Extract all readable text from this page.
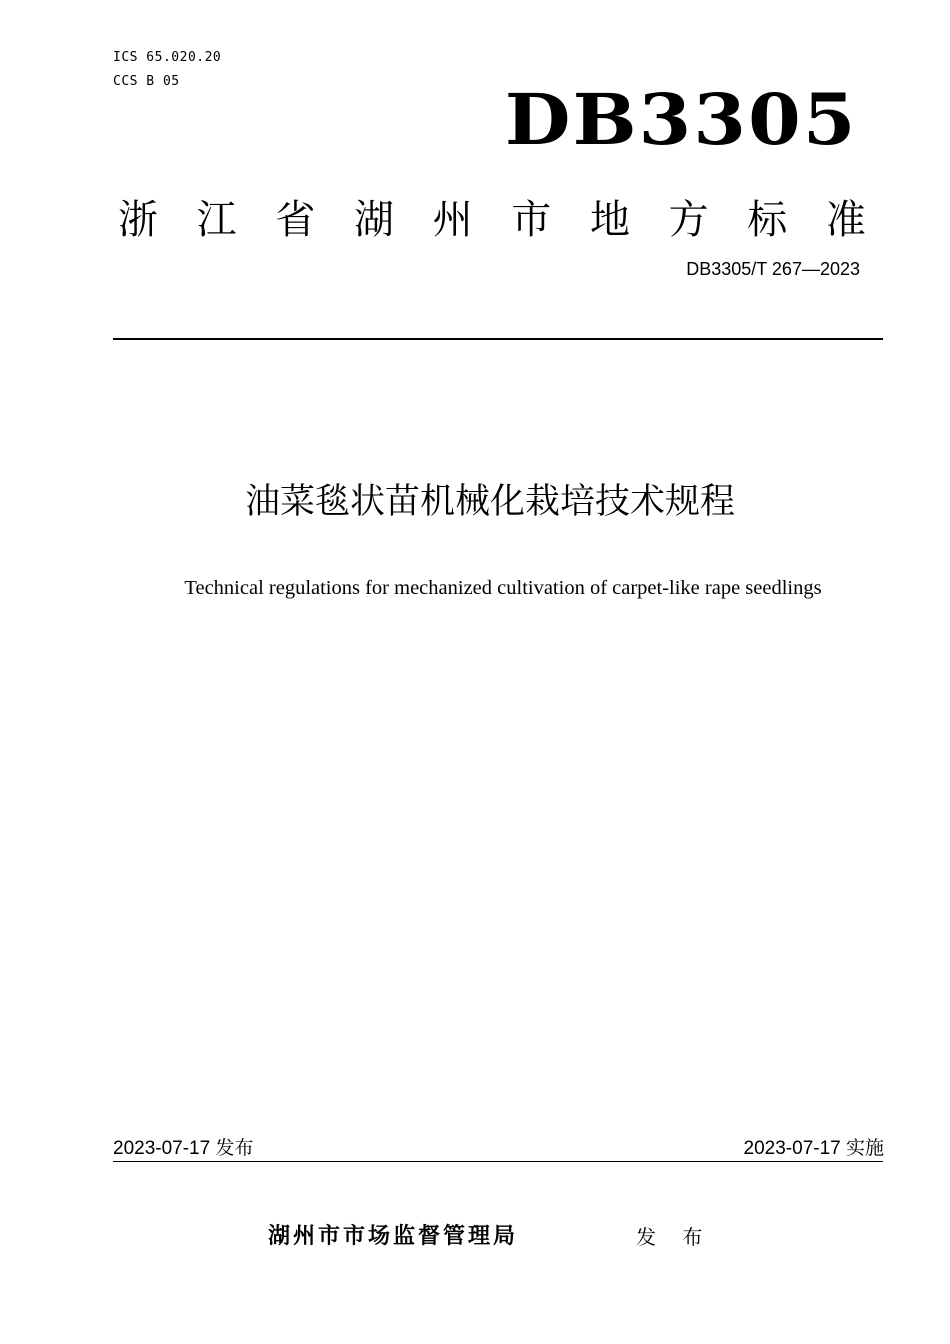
ICS 65.020.20
CCS B 05	DB3305
浙 江 省 湖 州 市 地 方 标 准
DB3305/T 267—2023
油菜毯状苗机械化栽培技术规程
Technical regulations for mechanized cultivation of carpet-like rape seedlings
2023-07-17 发布	2023-07-17 实施
湖州市市场监督管理局	发 布
